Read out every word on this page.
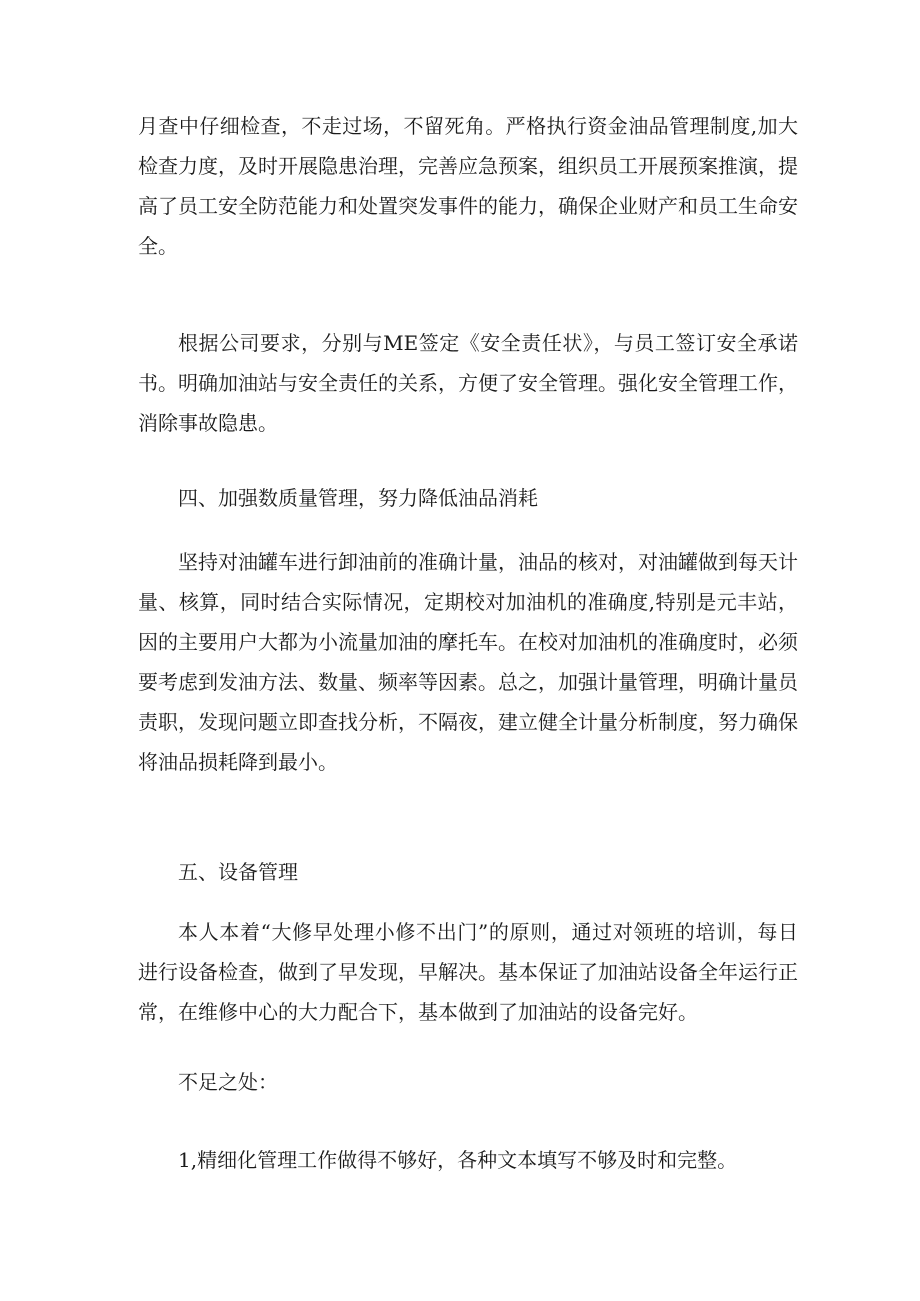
月查中仔细检查，不走过场，不留死角。严格执行资金油品管理制度,加大检查力度，及时开展隐患治理，完善应急预案，组织员工开展预案推演，提高了员工安全防范能力和处置突发事件的能力，确保企业财产和员工生命安全。

根据公司要求，分别与ME签定《安全责任状》，与员工签订安全承诺书。明确加油站与安全责任的关系，方便了安全管理。强化安全管理工作，消除事故隐患。

四、加强数质量管理，努力降低油品消耗

坚持对油罐车进行卸油前的准确计量，油品的核对，对油罐做到每天计量、核算，同时结合实际情况，定期校对加油机的准确度,特别是元丰站，因的主要用户大都为小流量加油的摩托车。在校对加油机的准确度时，必须要考虑到发油方法、数量、频率等因素。总之，加强计量管理，明确计量员责职，发现问题立即查找分析，不隔夜，建立健全计量分析制度，努力确保将油品损耗降到最小。

五、设备管理

本人本着“大修早处理小修不出门”的原则，通过对领班的培训，每日进行设备检查，做到了早发现，早解决。基本保证了加油站设备全年运行正常，在维修中心的大力配合下，基本做到了加油站的设备完好。

不足之处：

1,精细化管理工作做得不够好，各种文本填写不够及时和完整。
